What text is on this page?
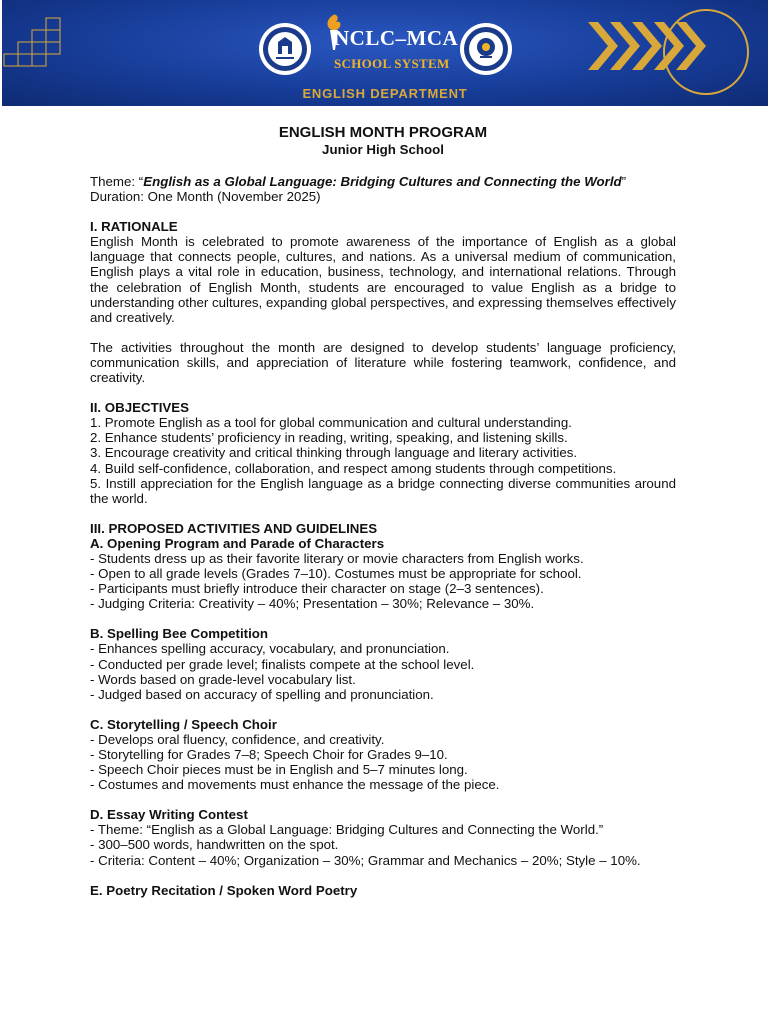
NCLC–MCA
SCHOOL SYSTEM
ENGLISH DEPARTMENT
ENGLISH MONTH PROGRAM
Junior High School

Theme: “English as a Global Language: Bridging Cultures and Connecting the World”

Duration: One Month (November 2025)

I. RATIONALE

English Month is celebrated to promote awareness of the importance of English as a global language that connects people, cultures, and nations. As a universal medium of communication, English plays a vital role in education, business, technology, and international relations. Through the celebration of English Month, students are encouraged to value English as a bridge to understanding other cultures, expanding global perspectives, and expressing themselves effectively and creatively.

The activities throughout the month are designed to develop students’ language proficiency, communication skills, and appreciation of literature while fostering teamwork, confidence, and creativity.

II. OBJECTIVES

1. Promote English as a tool for global communication and cultural understanding.

2. Enhance students’ proficiency in reading, writing, speaking, and listening skills.

3. Encourage creativity and critical thinking through language and literary activities.

4. Build self-confidence, collaboration, and respect among students through competitions.

5. Instill appreciation for the English language as a bridge connecting diverse communities around the world.

III. PROPOSED ACTIVITIES AND GUIDELINES

A. Opening Program and Parade of Characters

- Students dress up as their favorite literary or movie characters from English works.

- Open to all grade levels (Grades 7–10). Costumes must be appropriate for school.

- Participants must briefly introduce their character on stage (2–3 sentences).

- Judging Criteria: Creativity – 40%; Presentation – 30%; Relevance – 30%.

B. Spelling Bee Competition

- Enhances spelling accuracy, vocabulary, and pronunciation.

- Conducted per grade level; finalists compete at the school level.

- Words based on grade-level vocabulary list.

- Judged based on accuracy of spelling and pronunciation.

C. Storytelling / Speech Choir

- Develops oral fluency, confidence, and creativity.

- Storytelling for Grades 7–8; Speech Choir for Grades 9–10.

- Speech Choir pieces must be in English and 5–7 minutes long.

- Costumes and movements must enhance the message of the piece.

D. Essay Writing Contest

- Theme: “English as a Global Language: Bridging Cultures and Connecting the World.”

- 300–500 words, handwritten on the spot.

- Criteria: Content – 40%; Organization – 30%; Grammar and Mechanics – 20%; Style – 10%.

E. Poetry Recitation / Spoken Word Poetry
